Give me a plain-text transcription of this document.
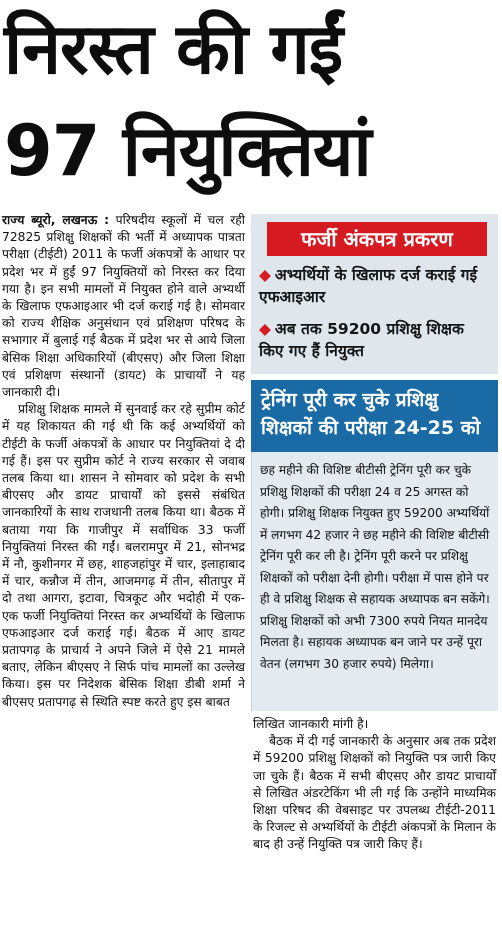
निरस्त की गईं
97 नियुक्तियां

राज्य ब्यूरो, लखनऊ : परिषदीय स्कूलों में चल रही 72825 प्रशिक्षु शिक्षकों की भर्ती में अध्यापक पात्रता परीक्षा (टीईटी) 2011 के फर्जी अंकपत्रों के आधार पर प्रदेश भर में हुईं 97 नियुक्तियों को निरस्त कर दिया गया है। इन सभी मामलों में नियुक्त होने वाले अभ्यर्थी के खिलाफ एफआइआर भी दर्ज कराई गई है। सोमवार को राज्य शैक्षिक अनुसंधान एवं प्रशिक्षण परिषद के सभागार में बुलाई गई बैठक में प्रदेश भर से आये जिला बेसिक शिक्षा अधिकारियों (बीएसए) और जिला शिक्षा एवं प्रशिक्षण संस्थानों (डायट) के प्राचार्यों ने यह जानकारी दी।

प्रशिक्षु शिक्षक मामले में सुनवाई कर रहे सुप्रीम कोर्ट में यह शिकायत की गई थी कि कई अभ्यर्थियों को टीईटी के फर्जी अंकपत्रों के आधार पर नियुक्तियां दे दी गई हैं। इस पर सुप्रीम कोर्ट ने राज्य सरकार से जवाब तलब किया था। शासन ने सोमवार को प्रदेश के सभी बीएसए और डायट प्राचार्यों को इससे संबंधित जानकारियों के साथ राजधानी तलब किया था। बैठक में बताया गया कि गाजीपुर में सर्वाधिक 33 फर्जी नियुक्तियां निरस्त की गईं। बलरामपुर में 21, सोनभद्र में नौ, कुशीनगर में छह, शाहजहांपुर में चार, इलाहाबाद में चार, कन्नौज में तीन, आजमगढ़ में तीन, सीतापुर में दो तथा आगरा, इटावा, चित्रकूट और भदोही में एक-एक फर्जी नियुक्तियां निरस्त कर अभ्यर्थियों के खिलाफ एफआइआर दर्ज कराई गई। बैठक में आए डायट प्रतापगढ़ के प्राचार्य ने अपने जिले में ऐसे 21 मामले बताए, लेकिन बीएसए ने सिर्फ पांच मामलों का उल्लेख किया। इस पर निदेशक बेसिक शिक्षा डीबी शर्मा ने बीएसए प्रतापगढ़ से स्थिति स्पष्ट करते हुए इस बाबत

फर्जी अंकपत्र प्रकरण
◆ अभ्यर्थियों के खिलाफ दर्ज कराई गई एफआइआर
◆ अब तक 59200 प्रशिक्षु शिक्षक किए गए हैं नियुक्त
ट्रेनिंग पूरी कर चुके प्रशिक्षु शिक्षकों की परीक्षा 24-25 को

छह महीने की विशिष्ट बीटीसी ट्रेनिंग पूरी कर चुके प्रशिक्षु शिक्षकों की परीक्षा 24 व 25 अगस्त को होगी। प्रशिक्षु शिक्षक नियुक्त हुए 59200 अभ्यर्थियों में लगभग 42 हजार ने छह महीने की विशिष्ट बीटीसी ट्रेनिंग पूरी कर ली है। ट्रेनिंग पूरी करने पर प्रशिक्षु शिक्षकों को परीक्षा देनी होगी। परीक्षा में पास होने पर ही वे प्रशिक्षु शिक्षक से सहायक अध्यापक बन सकेंगे। प्रशिक्षु शिक्षकों को अभी 7300 रुपये नियत मानदेय मिलता है। सहायक अध्यापक बन जाने पर उन्हें पूरा वेतन (लगभग 30 हजार रुपये) मिलेगा।

लिखित जानकारी मांगी है।

बैठक में दी गई जानकारी के अनुसार अब तक प्रदेश में 59200 प्रशिक्षु शिक्षकों को नियुक्ति पत्र जारी किए जा चुके हैं। बैठक में सभी बीएसए और डायट प्राचार्यों से लिखित अंडरटेकिंग भी ली गई कि उन्होंने माध्यमिक शिक्षा परिषद की वेबसाइट पर उपलब्ध टीईटी-2011 के रिजल्ट से अभ्यर्थियों के टीईटी अंकपत्रों के मिलान के बाद ही उन्हें नियुक्ति पत्र जारी किए हैं।
